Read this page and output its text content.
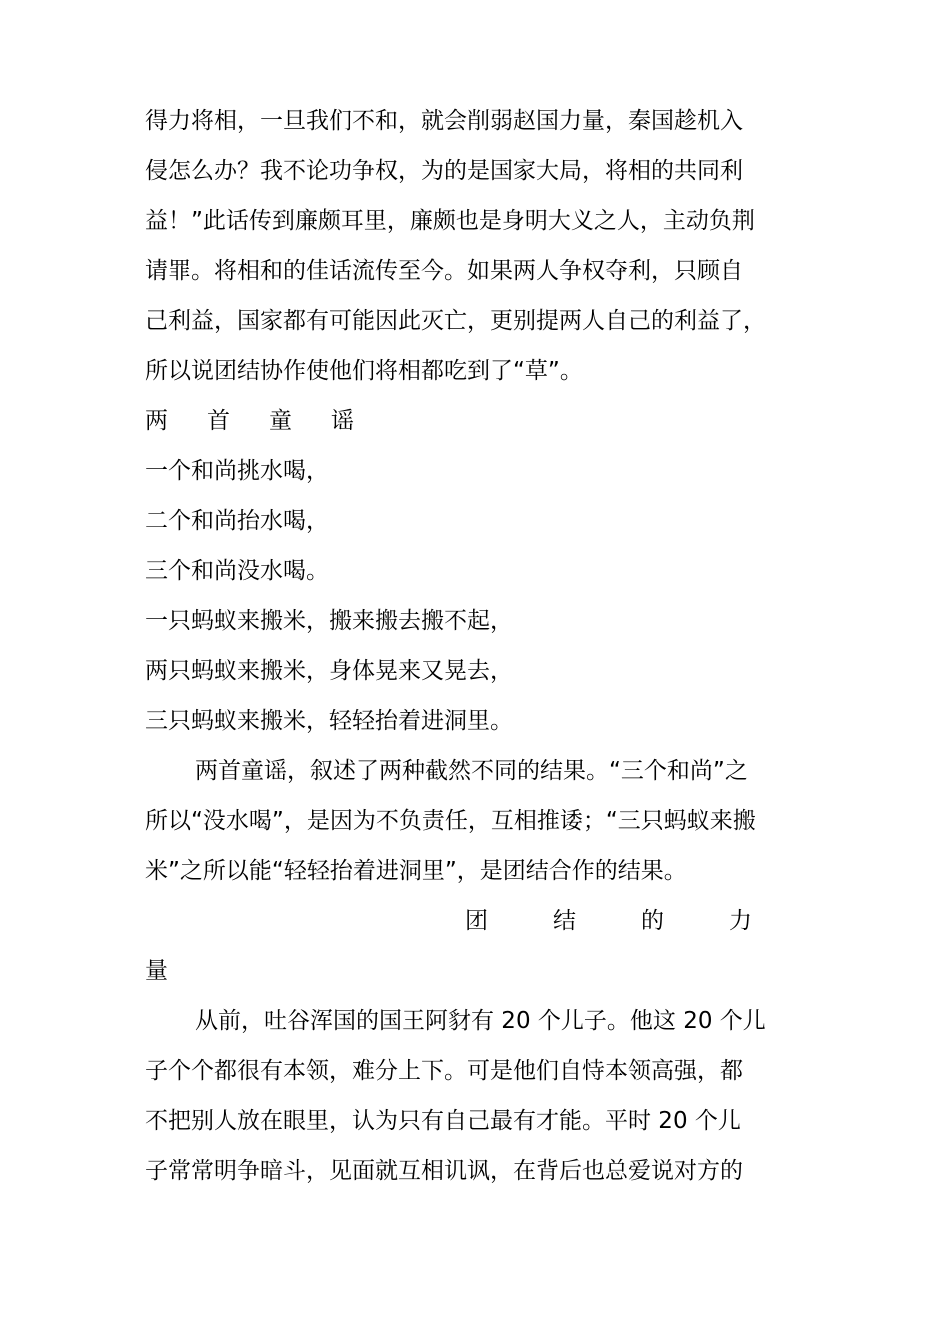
得力将相，一旦我们不和，就会削弱赵国力量，秦国趁机入
侵怎么办？我不论功争权，为的是国家大局，将相的共同利
益！”此话传到廉颇耳里，廉颇也是身明大义之人，主动负荆
请罪。将相和的佳话流传至今。如果两人争权夺利，只顾自
己利益，国家都有可能因此灭亡，更别提两人自己的利益了，
所以说团结协作使他们将相都吃到了“草”。
两 首 童 谣
一个和尚挑水喝，
二个和尚抬水喝，
三个和尚没水喝。
一只蚂蚁来搬米，搬来搬去搬不起，
两只蚂蚁来搬米，身体晃来又晃去，
三只蚂蚁来搬米，轻轻抬着进洞里。
两首童谣，叙述了两种截然不同的结果。“三个和尚”之
所以“没水喝”，是因为不负责任，互相推诿；“三只蚂蚁来搬
米”之所以能“轻轻抬着进洞里”，是团结合作的结果。
团	结	的	力
量
从前，吐谷浑国的国王阿豺有 20 个儿子。他这 20 个儿
子个个都很有本领，难分上下。可是他们自恃本领高强，都
不把别人放在眼里，认为只有自己最有才能。平时 20 个儿
子常常明争暗斗，见面就互相讥讽，在背后也总爱说对方的
